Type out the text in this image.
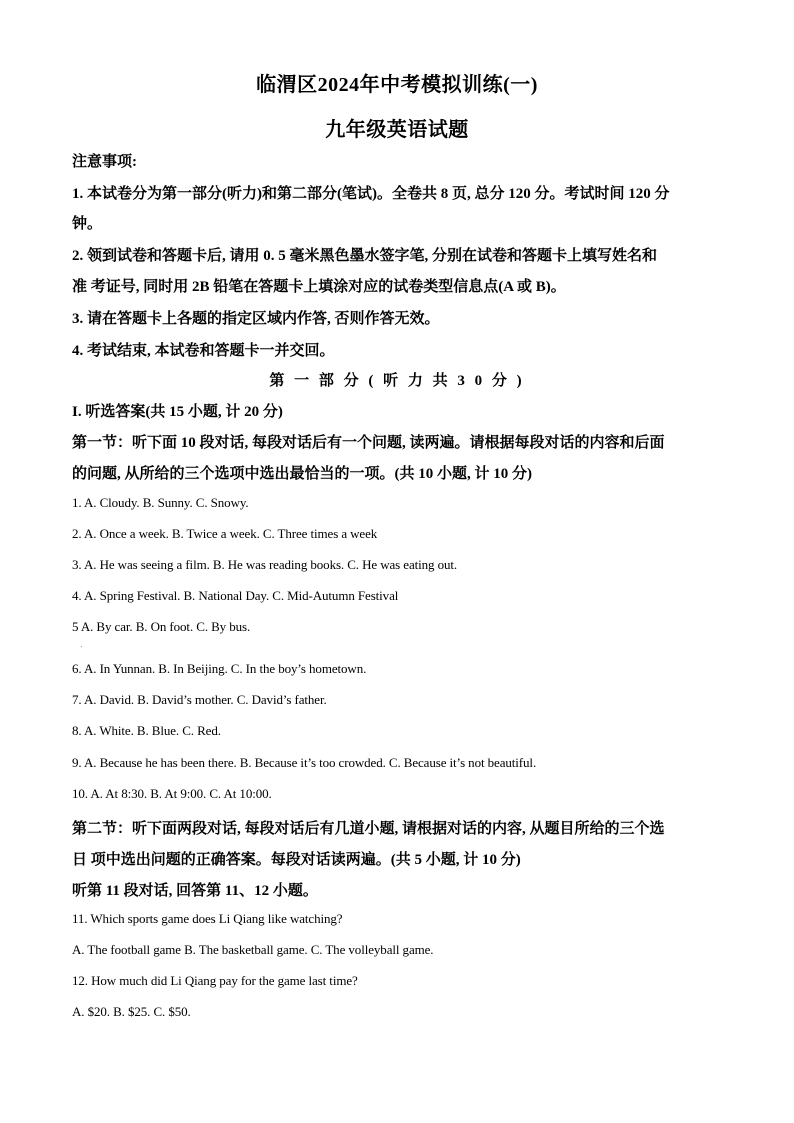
临渭区2024年中考模拟训练(一)
九年级英语试题
注意事项:
1. 本试卷分为第一部分(听力)和第二部分(笔试)。全卷共 8 页, 总分 120 分。考试时间 120 分
钟。
2. 领到试卷和答题卡后, 请用 0. 5 毫米黑色墨水签字笔, 分别在试卷和答题卡上填写姓名和
准 考证号, 同时用 2B 铅笔在答题卡上填涂对应的试卷类型信息点(A 或 B)。
3. 请在答题卡上各题的指定区域内作答, 否则作答无效。
4. 考试结束, 本试卷和答题卡一并交回。
第 一 部 分 ( 听 力 共 3 0 分 )
I. 听选答案(共 15 小题, 计 20 分)
第一节：听下面 10 段对话, 每段对话后有一个问题, 读两遍。请根据每段对话的内容和后面
的问题, 从所给的三个选项中选出最恰当的一项。(共 10 小题, 计 10 分)
1. A. Cloudy. B. Sunny. C. Snowy.
2. A. Once a week. B. Twice a week. C. Three times a week
3. A. He was seeing a film. B. He was reading books. C. He was eating out.
4. A. Spring Festival. B. National Day. C. Mid-Autumn Festival
5 A. By car. B. On foot. C. By bus.
`
6. A. In Yunnan. B. In Beijing. C. In the boy’s hometown.
7. A. David. B. David’s mother. C. David’s father.
8. A. White. B. Blue. C. Red.
9. A. Because he has been there. B. Because it’s too crowded. C. Because it’s not beautiful.
10. A. At 8:30. B. At 9:00. C. At 10:00.
第二节：听下面两段对话, 每段对话后有几道小题, 请根据对话的内容, 从题目所给的三个选
日 项中选出问题的正确答案。每段对话读两遍。(共 5 小题, 计 10 分)
听第 11 段对话, 回答第 11、12 小题。
11. Which sports game does Li Qiang like watching?
A. The football game B. The basketball game. C. The volleyball game.
12. How much did Li Qiang pay for the game last time?
A. $20. B. $25. C. $50.
